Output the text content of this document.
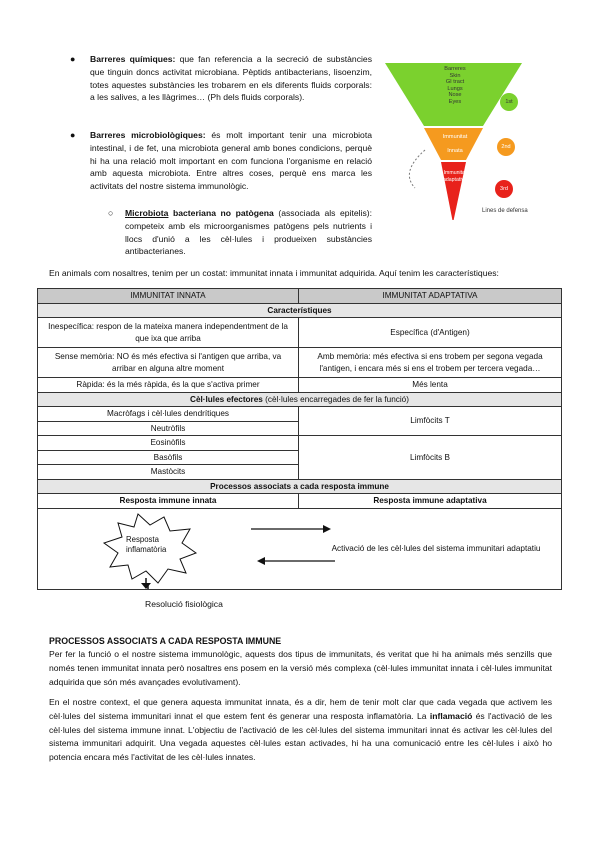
● Barreres químiques: que fan referencia a la secreció de substàncies que tinguin doncs activitat microbiana. Pèptids antibacterians, lisoenzim, totes aquestes substàncies les trobarem en els diferents fluids corporals: a les salives, a les llàgrimes… (Ph dels fluids corporals).
● Barreres microbiològiques: és molt important tenir una microbiota intestinal, i de fet, una microbiota general amb bones condicions, perquè hi ha una relació molt important en com funciona l'organisme en relació amb aquesta microbiota. Entre altres coses, perquè ens marca les activitats del nostre sistema immunològic.
○ Microbiota bacteriana no patògena (associada als epitelis): competeix amb els microorganismes patògens pels nutrients i llocs d'unió a les cèl·lules i produeixen substàncies antibacterianes.
Barreres
Skin
GI tract
Lungs
Nose
Eyes
Immunitat
Innata
Immunitat
adaptativa
1st
2nd
3rd
Lines de defensa
En animals com nosaltres, tenim per un costat: immunitat innata i immunitat adquirida. Aquí tenim les característiques:
IMMUNITAT INNATA	IMMUNITAT ADAPTATIVA
Característiques	
Inespecífica: respon de la mateixa manera independentment de la que ixa que arriba	Específica (d'Antigen)
Sense memòria: NO és més efectiva si l'antigen que arriba, va arribar en alguna altre moment	Amb memòria: més efectiva si ens trobem per segona vegada l'antigen, i encara més si ens el trobem per tercera vegada…
Ràpida: és la més ràpida, és la que s'activa primer	Més lenta
Cèl·lules efectores (cèl·lules encarregades de fer la funció)	
Macròfags i cèl·lules dendrítiques	Limfòcits T
Neutròfils	
Eosinòfils	Limfòcits B
Basòfils	
Mastòcits	
Processos associats a cada resposta immune	
Resposta immune innata	Resposta immune adaptativa

Resposta inflamatòria Activació de les cèl·lules del sistema immunitari adaptatiu	
Resolució fisiològica
PROCESSOS ASSOCIATS A CADA RESPOSTA IMMUNE
Per fer la funció o el nostre sistema immunològic, aquests dos tipus de immunitats, és veritat que hi ha animals més senzills que només tenen immunitat innata però nosaltres ens posem en la versió més complexa (cèl·lules immunitat innata i cèl·lules immunitat adquirida que són més avançades evolutivament).
En el nostre context, el que genera aquesta immunitat innata, és a dir, hem de tenir molt clar que cada vegada que activem les cèl·lules del sistema immunitari innat el que estem fent és generar una resposta inflamatòria. La inflamació és l'activació de les cèl·lules del sistema immune innat. L'objectiu de l'activació de les cèl·lules del sistema immunitari innat és activar les cèl·lules del sistema immunitari adquirit. Una vegada aquestes cèl·lules estan activades, hi ha una comunicació entre les cèl·lules i això ho potencia encara més l'activitat de les cèl·lules innates.
